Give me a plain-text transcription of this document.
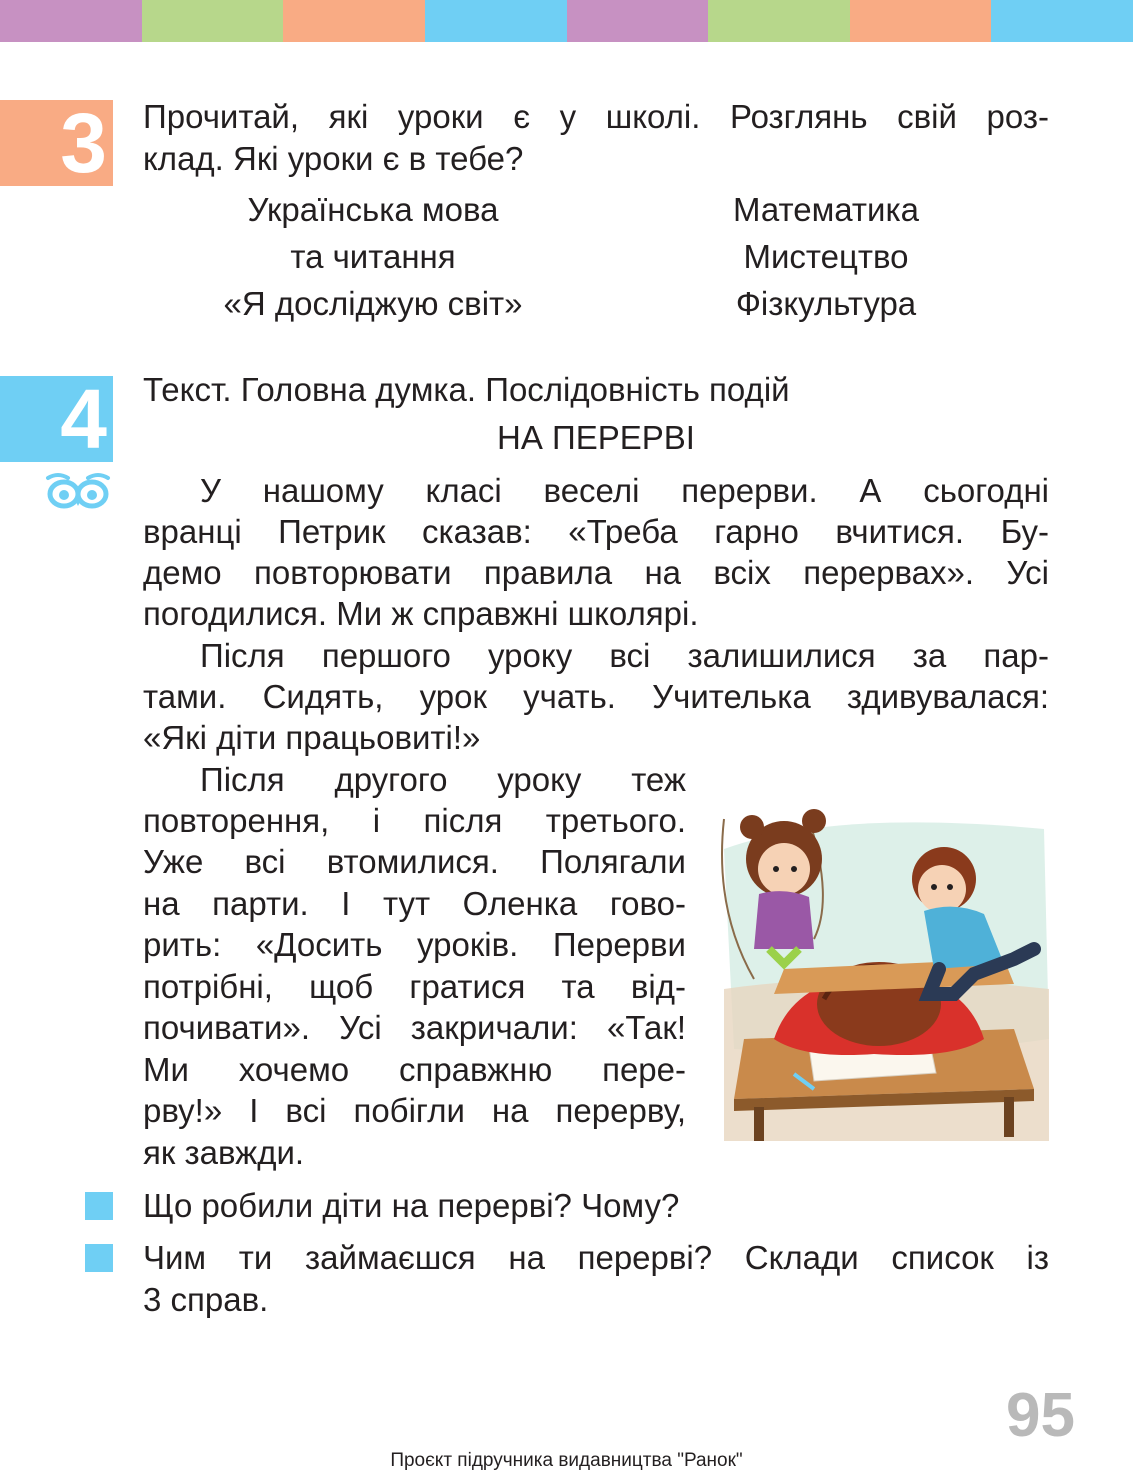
3 Прочитай, які уроки є у школі. Розглянь свій роз-
клад. Які уроки є в тебе?
Українська мова
та читання
«Я досліджую світ»
Математика
Мистецтво
Фізкультура
4 Текст. Головна думка. Послідовність подій
НА ПЕРЕРВІ
У нашому класі веселі перерви. А сьогодні
вранці Петрик сказав: «Треба гарно вчитися. Бу-
демо повторювати правила на всіх перервах». Усі
погодилися. Ми ж справжні школярі.
Після першого уроку всі залишилися за пар-
тами. Сидять, урок учать. Учителька здивувалася:
«Які діти працьовиті!»
Після другого уроку теж
повторення, і після третього.
Уже всі втомилися. Полягали
на парти. І тут Оленка гово-
рить: «Досить уроків. Перерви
потрібні, щоб гратися та від-
почивати». Усі закричали: «Так!
Ми хочемо справжню пере-
рву!» І всі побігли на перерву,
як завжди.
Що робили діти на перерві? Чому?
Чим ти займаєшся на перерві? Склади список із
3 справ.
95
Проєкт підручника видавництва "Ранок"
